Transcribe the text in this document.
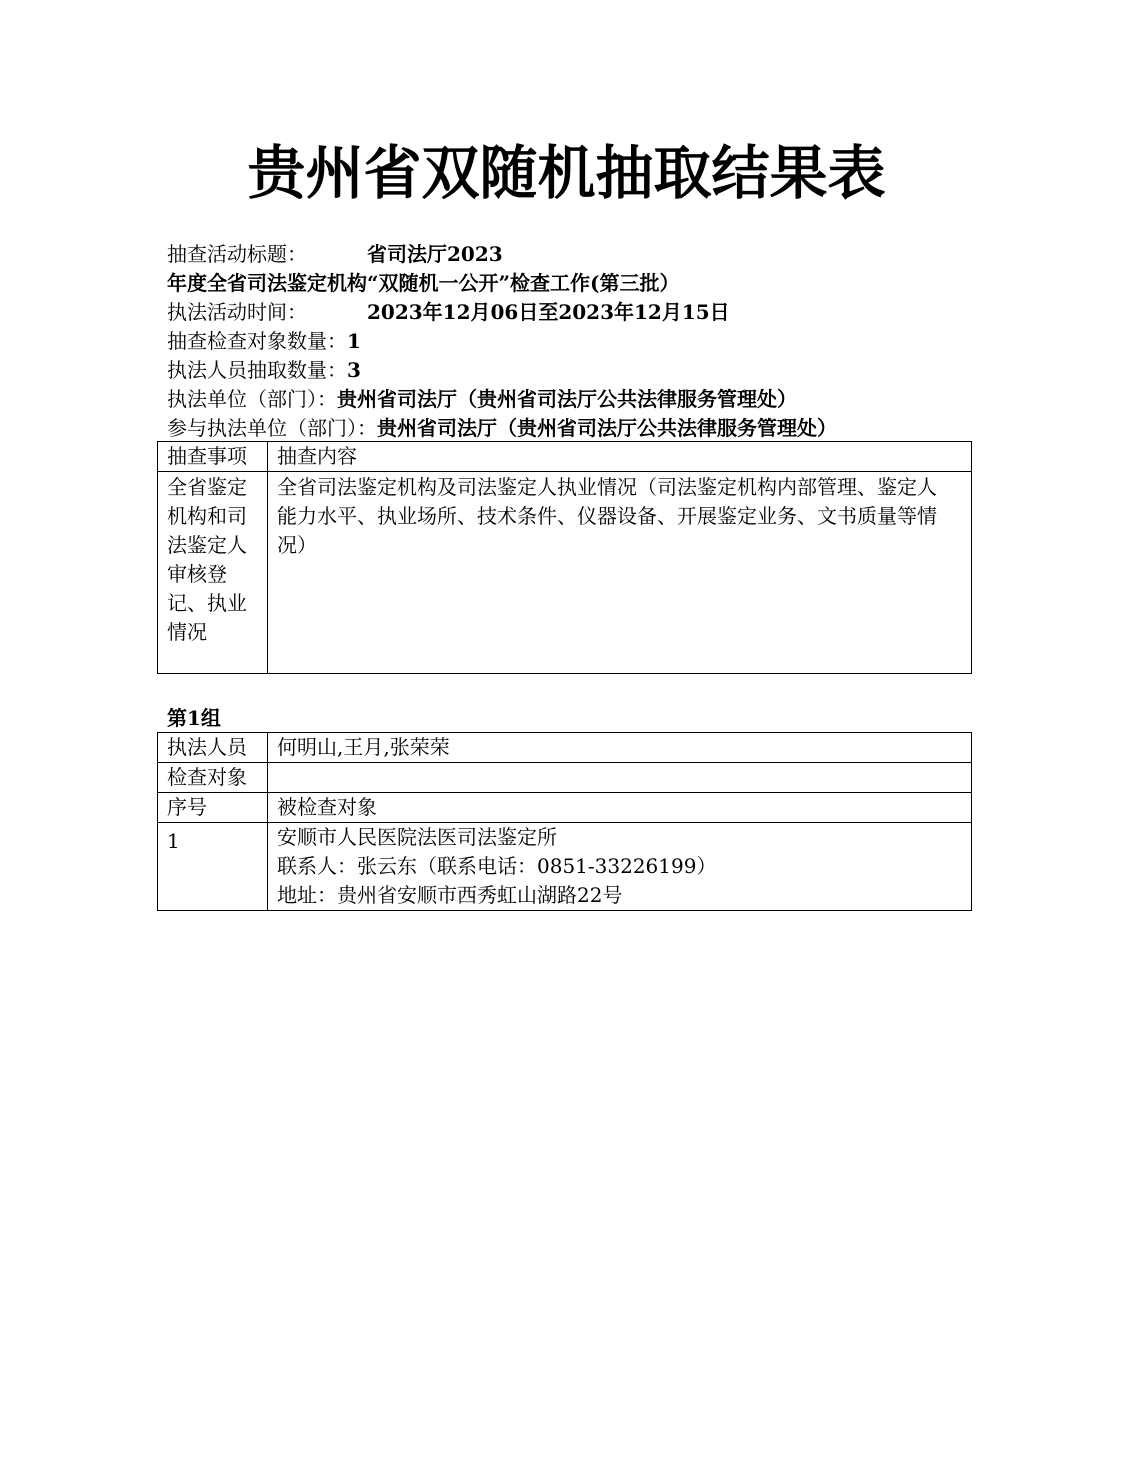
贵州省双随机抽取结果表
抽查活动标题：	省司法厅2023
年度全省司法鉴定机构“双随机一公开”检查工作(第三批）
执法活动时间：	2023年12月06日至2023年12月15日
抽查检查对象数量：1
执法人员抽取数量：3
执法单位（部门）：贵州省司法厅（贵州省司法厅公共法律服务管理处）
参与执法单位（部门）：贵州省司法厅（贵州省司法厅公共法律服务管理处）
抽查事项	抽查内容

全省鉴定机构和司法鉴定人审核登记、执业情况	全省司法鉴定机构及司法鉴定人执业情况（司法鉴定机构内部管理、鉴定人能力水平、执业场所、技术条件、仪器设备、开展鉴定业务、文书质量等情况）
第1组
执法人员	何明山,王月,张荣荣
检查对象	
序号	被检查对象
1	安顺市人民医院法医司法鉴定所
联系人：张云东（联系电话：0851-33226199）
地址：贵州省安顺市西秀虹山湖路22号
